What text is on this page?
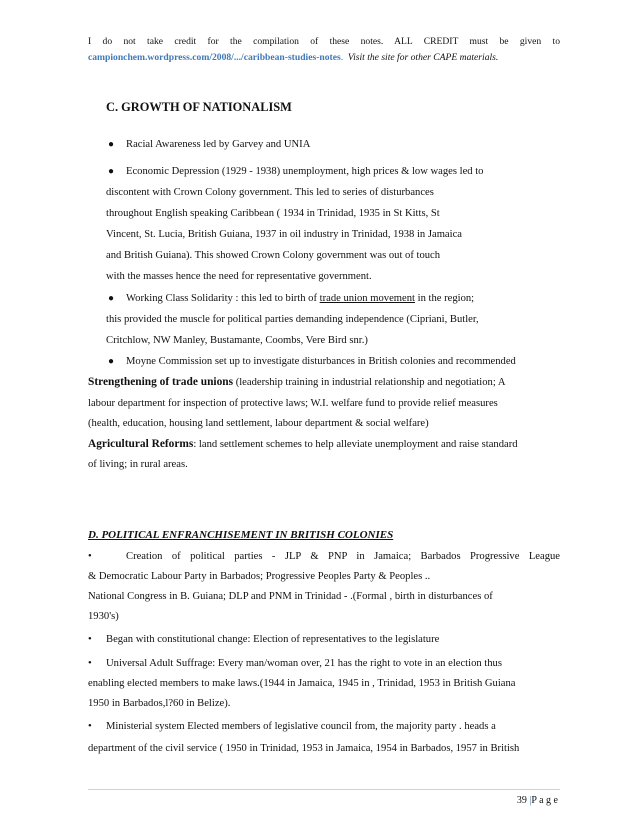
I do not take credit for the compilation of these notes. ALL CREDIT must be given to
campionchem.wordpress.com/2008/.../caribbean-studies-notes. Visit the site for other CAPE materials.
C. GROWTH OF NATIONALISM
● Racial Awareness led by Garvey and UNIA
● Economic Depression (1929 - 1938) unemployment, high prices & low wages led to
discontent with Crown Colony government. This led to series of disturbances
throughout English speaking Caribbean ( 1934 in Trinidad, 1935 in St Kitts, St
Vincent, St. Lucia, British Guiana, 1937 in oil industry in Trinidad, 1938 in Jamaica
and British Guiana). This showed Crown Colony government was out of touch
with the masses hence the need for representative government.
● Working Class Solidarity : this led to birth of trade union movement in the region;
this provided the muscle for political parties demanding independence (Cipriani, Butler,
Critchlow, NW Manley, Bustamante, Coombs, Vere Bird snr.)
● Moyne Commission set up to investigate disturbances in British colonies and recommended
Strengthening of trade unions (leadership training in industrial relationship and negotiation; A
labour department for inspection of protective laws; W.I. welfare fund to provide relief measures
(health, education, housing land settlement, labour department & social welfare)
Agricultural Reforms: land settlement schemes to help alleviate unemployment and raise standard
of living; in rural areas.
D. POLITICAL ENFRANCHISEMENT IN BRITISH COLONIES
•	Creation of political parties - JLP & PNP in Jamaica; Barbados Progressive League
& Democratic Labour Party in Barbados; Progressive Peoples Party & Peoples ..
National Congress in B. Guiana; DLP and PNM in Trinidad - .(Formal , birth in disturbances of
1930's)
• Began with constitutional change: Election of representatives to the legislature
• Universal Adult Suffrage: Every man/woman over, 21 has the right to vote in an election thus
enabling elected members to make laws.(1944 in Jamaica, 1945 in , Trinidad, 1953 in British Guiana
1950 in Barbados,l?60 in Belize).
• Ministerial system Elected members of legislative council from, the majority party . heads a
department of the civil service ( 1950 in Trinidad, 1953 in Jamaica, 1954 in Barbados, 1957 in British
39 |P a g e
